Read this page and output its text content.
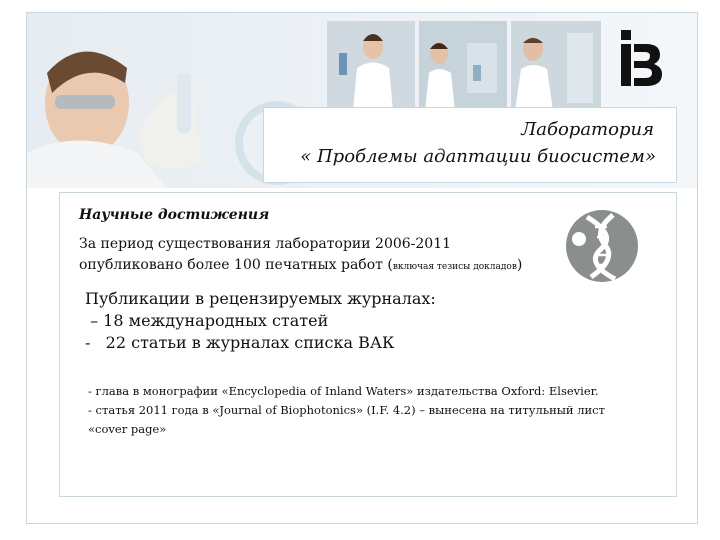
Лаборатория
« Проблемы адаптации биосистем»
Научные достижения
За период существования лаборатории 2006-2011
опубликовано более 100 печатных работ (включая тезисы докладов)
Публикации в рецензируемых журналах:
– 18 международных статей
-   22 статьи в журналах списка ВАК
- глава в монографии «Encyclopedia of Inland Waters» издательства Oxford: Elsevier.
- статья 2011 года в «Journal of Biophotonics» (I.F. 4.2) – вынесена на титульный лист
«cover page»
